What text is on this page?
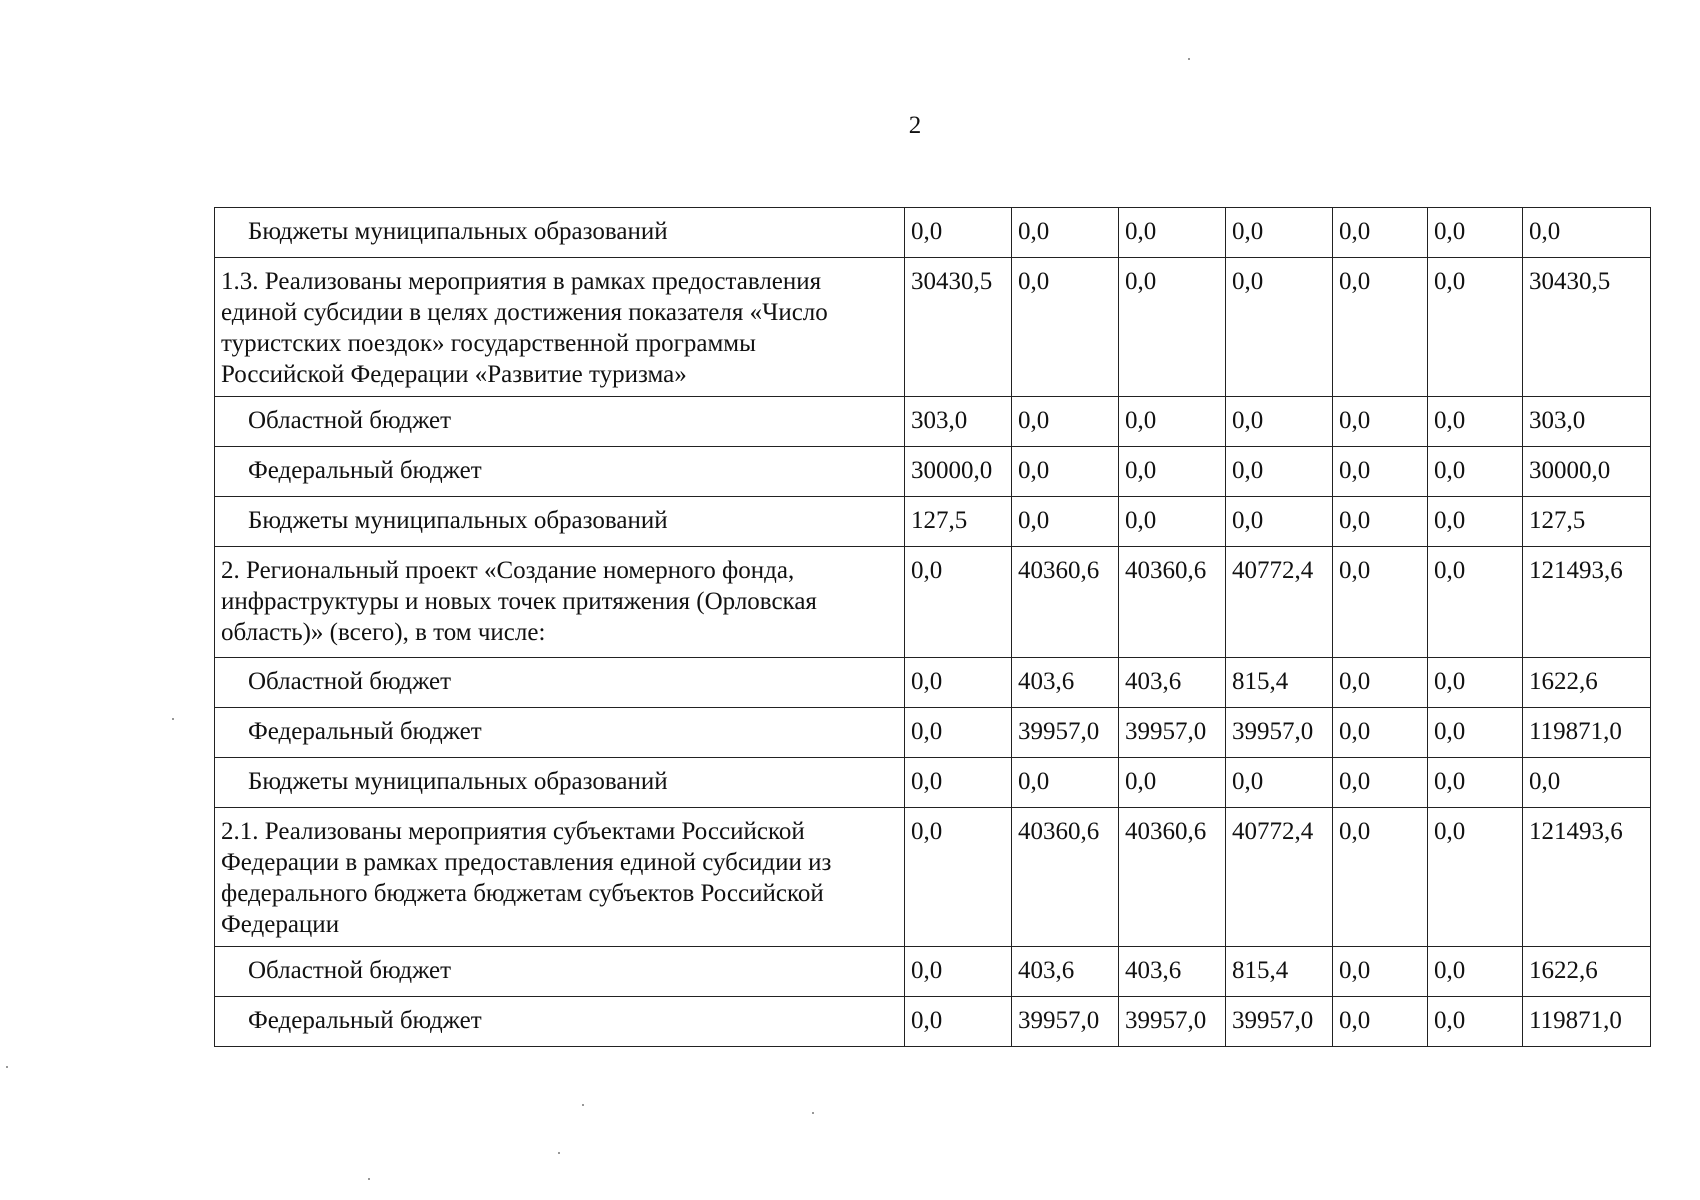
2
Бюджеты муниципальных образований	0,0	0,0	0,0	0,0	0,0	0,0	0,0
1.3. Реализованы мероприятия в рамках предоставления единой субсидии в целях достижения показателя «Число туристских поездок» государственной программы Российской Федерации «Развитие туризма»	30430,5	0,0	0,0	0,0	0,0	0,0	30430,5
Областной бюджет	303,0	0,0	0,0	0,0	0,0	0,0	303,0
Федеральный бюджет	30000,0	0,0	0,0	0,0	0,0	0,0	30000,0
Бюджеты муниципальных образований	127,5	0,0	0,0	0,0	0,0	0,0	127,5
2. Региональный проект «Создание номерного фонда, инфраструктуры и новых точек притяжения (Орловская область)» (всего), в том числе:	0,0	40360,6	40360,6	40772,4	0,0	0,0	121493,6
Областной бюджет	0,0	403,6	403,6	815,4	0,0	0,0	1622,6
Федеральный бюджет	0,0	39957,0	39957,0	39957,0	0,0	0,0	119871,0
Бюджеты муниципальных образований	0,0	0,0	0,0	0,0	0,0	0,0	0,0
2.1. Реализованы мероприятия субъектами Российской Федерации в рамках предоставления единой субсидии из федерального бюджета бюджетам субъектов Российской Федерации	0,0	40360,6	40360,6	40772,4	0,0	0,0	121493,6
Областной бюджет	0,0	403,6	403,6	815,4	0,0	0,0	1622,6
Федеральный бюджет	0,0	39957,0	39957,0	39957,0	0,0	0,0	119871,0
